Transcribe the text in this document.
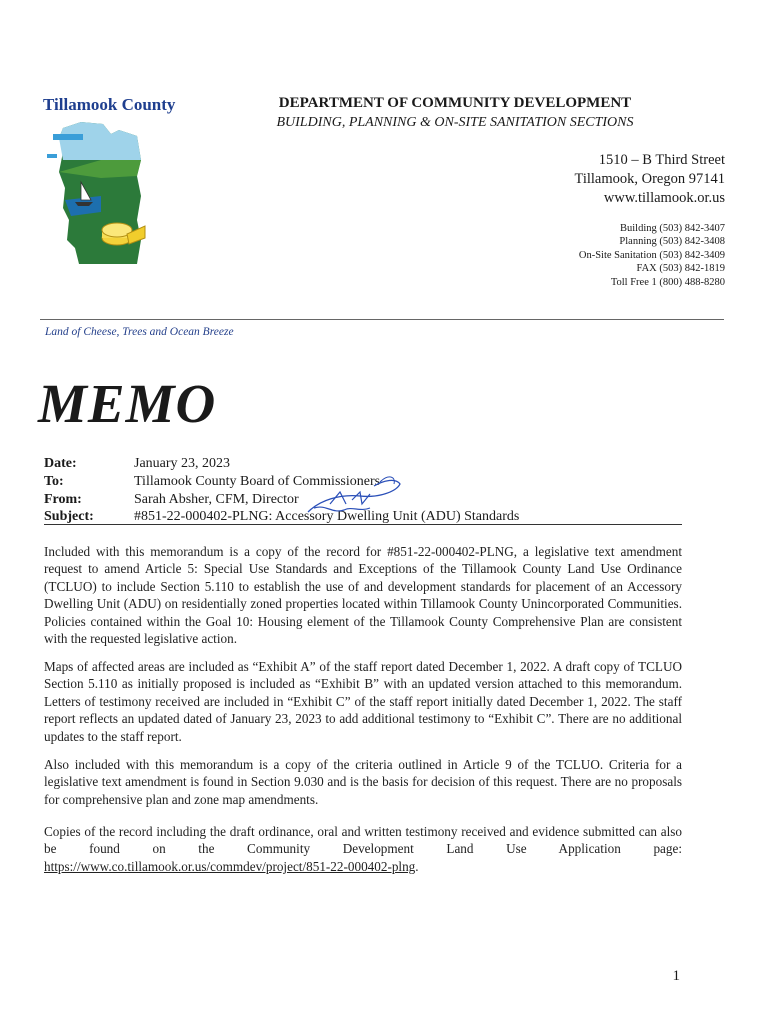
Tillamook County	DEPARTMENT OF COMMUNITY DEVELOPMENT
BUILDING, PLANNING & ON-SITE SANITATION SECTIONS
1510 – B Third Street
Tillamook, Oregon 97141
www.tillamook.or.us
Building (503) 842-3407
Planning (503) 842-3408
On-Site Sanitation (503) 842-3409
FAX (503) 842-1819
Toll Free 1 (800) 488-8280
Land of Cheese, Trees and Ocean Breeze
MEMO
Date:	January 23, 2023
To:	Tillamook County Board of Commissioners
From:	Sarah Absher, CFM, Director
Subject:	#851-22-000402-PLNG: Accessory Dwelling Unit (ADU) Standards
Included with this memorandum is a copy of the record for #851-22-000402-PLNG, a legislative text amendment request to amend Article 5: Special Use Standards and Exceptions of the Tillamook County Land Use Ordinance (TCLUO) to include Section 5.110 to establish the use of and development standards for placement of an Accessory Dwelling Unit (ADU) on residentially zoned properties located within Tillamook County Unincorporated Communities. Policies contained within the Goal 10: Housing element of the Tillamook County Comprehensive Plan are consistent with the requested legislative action.
Maps of affected areas are included as “Exhibit A” of the staff report dated December 1, 2022. A draft copy of TCLUO Section 5.110 as initially proposed is included as “Exhibit B” with an updated version attached to this memorandum. Letters of testimony received are included in “Exhibit C” of the staff report initially dated December 1, 2022. The staff report reflects an updated dated of January 23, 2023 to add additional testimony to “Exhibit C”. There are no additional updates to the staff report.
Also included with this memorandum is a copy of the criteria outlined in Article 9 of the TCLUO. Criteria for a legislative text amendment is found in Section 9.030 and is the basis for decision of this request. There are no proposals for comprehensive plan and zone map amendments.
Copies of the record including the draft ordinance, oral and written testimony received and evidence submitted can also be found on the Community Development Land Use Application page: https://www.co.tillamook.or.us/commdev/project/851-22-000402-plng.
1
